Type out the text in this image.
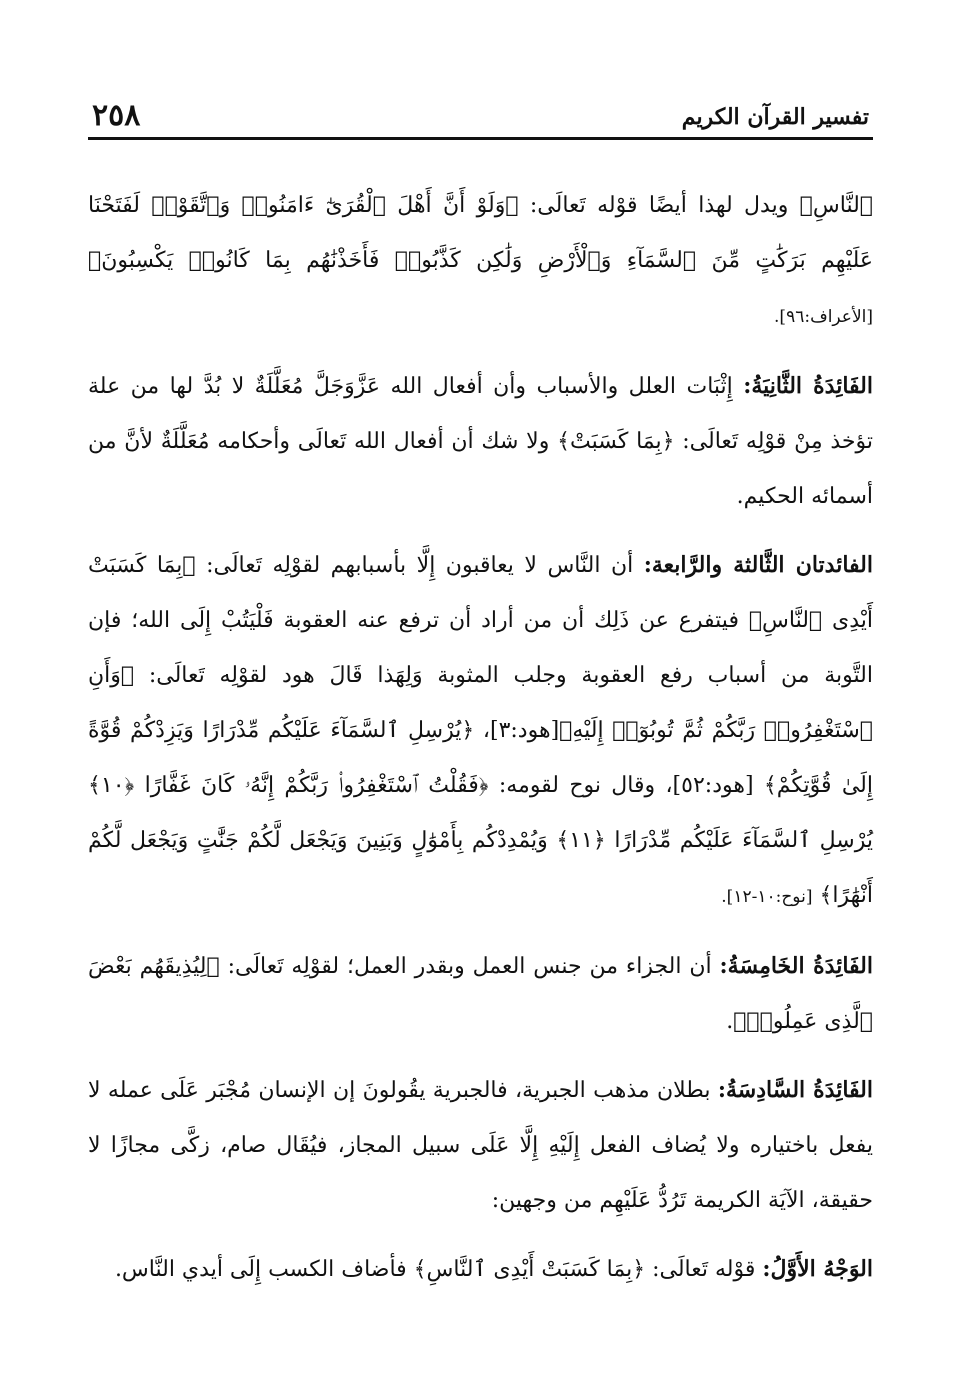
تفسير القرآن الكريم
٢٥٨

ٱلنَّاسِ﴾ ويدل لهذا أيضًا قوْله تَعالَى: ﴿وَلَوْ أَنَّ أَهْلَ ٱلْقُرَىٰٓ ءَامَنُوا۟ وَٱتَّقَوْا۟ لَفَتَحْنَا عَلَيْهِم بَرَكَٰتٍ مِّنَ ٱلسَّمَآءِ وَٱلْأَرْضِ وَلَٰكِن كَذَّبُوا۟ فَأَخَذْنَٰهُم بِمَا كَانُوا۟ يَكْسِبُونَ﴾ [الأعراف:٩٦].

الفَائِدَةُ الثَّانِيَةُ: إِثْبَات العلل والأسباب وأن أفعال الله عَزَّوَجَلَّ مُعَلَّلَةٌ لا بُدَّ لها من علة تؤخذ مِنْ قوْلِه تَعالَى: ﴿بِمَا كَسَبَتْ﴾ ولا شك أن أفعال الله تَعالَى وأحكامه مُعَلَّلَةٌ لأنَّ من أسمائه الحكيم.

الفائدتان الثَّالثة والرَّابعة: أن النَّاس لا يعاقبون إِلَّا بأسبابهم لقوْلِه تَعالَى: ﴿بِمَا كَسَبَتْ أَيْدِى ٱلنَّاسِ﴾ فيتفرع عن ذَلِك أن من أراد أن ترفع عنه العقوبة فَلْيَتُبْ إِلَى الله؛ فإن التَّوبة من أسباب رفع العقوبة وجلب المثوبة وَلِهَذا قَالَ هود لقوْلِه تَعالَى: ﴿وَأَنِ ٱسْتَغْفِرُوا۟ رَبَّكُمْ ثُمَّ تُوبُوٓا۟ إِلَيْهِ﴾[هود:٣]، ﴿يُرْسِلِ ٱلسَّمَآءَ عَلَيْكُم مِّدْرَارًا وَيَزِدْكُمْ قُوَّةً إِلَىٰ قُوَّتِكُمْ﴾ [هود:٥٢]، وقال نوح لقومه: ﴿فَقُلْتُ ٱسْتَغْفِرُوا۟ رَبَّكُمْ إِنَّهُۥ كَانَ غَفَّارًا ﴿١٠﴾ يُرْسِلِ ٱلسَّمَآءَ عَلَيْكُم مِّدْرَارًا ﴿١١﴾ وَيُمْدِدْكُم بِأَمْوَٰلٍ وَبَنِينَ وَيَجْعَل لَّكُمْ جَنَّٰتٍ وَيَجْعَل لَّكُمْ أَنْهَٰرًا﴾ [نوح:١٠-١٢].

الفَائِدَةُ الخَامِسَةُ: أن الجزاء من جنس العمل وبقدر العمل؛ لقوْلِه تَعالَى: ﴿لِيُذِيقَهُم بَعْضَ ٱلَّذِى عَمِلُوا۟﴾.

الفَائِدَةُ السَّادِسَةُ: بطلان مذهب الجبرية، فالجبرية يقُولونَ إن الإنسان مُجْبَر عَلَى عمله لا يفعل باختياره ولا يُضاف الفعل إِلَيْهِ إِلَّا عَلَى سبيل المجاز، فيُقَال صام، زكَّى مجازًا لا حقيقة، الآيَة الكريمة تَرُدُّ عَلَيْهِم من وجهين:

الوَجْهُ الأَوَّلُ: قوْله تَعالَى: ﴿بِمَا كَسَبَتْ أَيْدِى ٱلنَّاسِ﴾ فأضاف الكسب إِلَى أيدي النَّاس.
